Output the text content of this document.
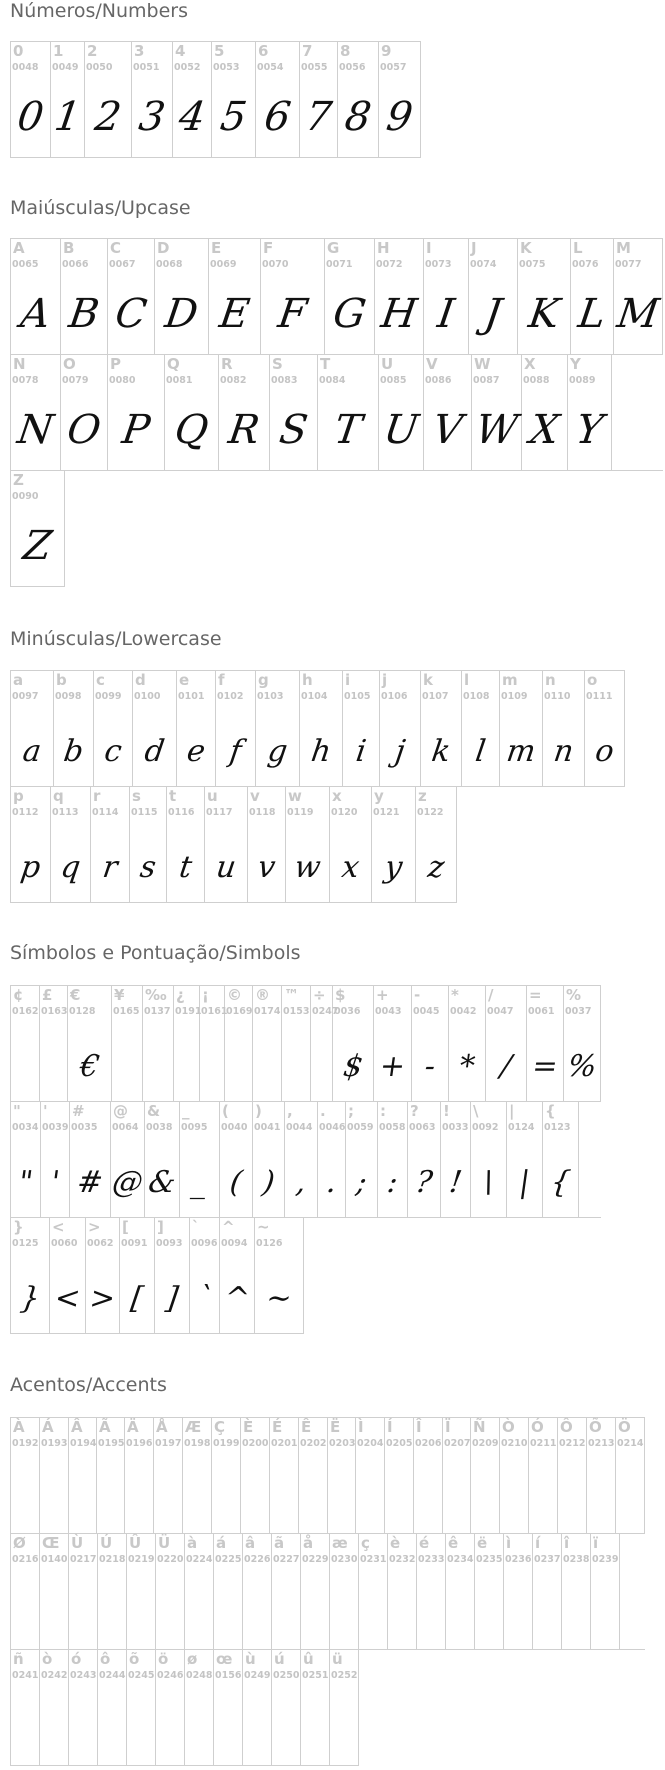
Números/Numbers
0
0048
0
1
0049
1
2
0050
2
3
0051
3
4
0052
4
5
0053
5
6
0054
6
7
0055
7
8
0056
8
9
0057
9
Maiúsculas/Upcase
A
0065
A
B
0066
B
C
0067
C
D
0068
D
E
0069
E
F
0070
F
G
0071
G
H
0072
H
I
0073
I
J
0074
J
K
0075
K
L
0076
L
M
0077
M
N
0078
N
O
0079
O
P
0080
P
Q
0081
Q
R
0082
R
S
0083
S
T
0084
T
U
0085
U
V
0086
V
W
0087
W
X
0088
X
Y
0089
Y
Z
0090
Z
Minúsculas/Lowercase
a
0097
a
b
0098
b
c
0099
c
d
0100
d
e
0101
e
f
0102
f
g
0103
g
h
0104
h
i
0105
i
j
0106
j
k
0107
k
l
0108
l
m
0109
m
n
0110
n
o
0111
o
p
0112
p
q
0113
q
r
0114
r
s
0115
s
t
0116
t
u
0117
u
v
0118
v
w
0119
w
x
0120
x
y
0121
y
z
0122
z
Símbolos e Pontuação/Simbols
¢
0162
£
0163
€
0128
€
¥
0165
‰
0137
¿
0191
¡
0161
©
0169
®
0174
™
0153
÷
0247
$
0036
$
+
0043
+
-
0045
-
*
0042
*
/
0047
/
=
0061
=
%
0037
%
"
0034
"
'
0039
'
#
0035
#
@
0064
@
&
0038
&
_
0095
_
(
0040
(
)
0041
)
,
0044
,
.
0046
.
;
0059
;
:
0058
:
?
0063
?
!
0033
!
\
0092
\
|
0124
|
{
0123
{
}
0125
}
<
0060
<
>
0062
>
[
0091
[
]
0093
]
`
0096
`
^
0094
^
~
0126
~
Acentos/Accents
À
0192
Á
0193
Â
0194
Ã
0195
Ä
0196
Å
0197
Æ
0198
Ç
0199
È
0200
É
0201
Ê
0202
Ë
0203
Ì
0204
Í
0205
Î
0206
Ï
0207
Ñ
0209
Ò
0210
Ó
0211
Ô
0212
Õ
0213
Ö
0214
Ø
0216
Œ
0140
Ù
0217
Ú
0218
Û
0219
Ü
0220
à
0224
á
0225
â
0226
ã
0227
å
0229
æ
0230
ç
0231
è
0232
é
0233
ê
0234
ë
0235
ì
0236
í
0237
î
0238
ï
0239
ñ
0241
ò
0242
ó
0243
ô
0244
õ
0245
ö
0246
ø
0248
œ
0156
ù
0249
ú
0250
û
0251
ü
0252
